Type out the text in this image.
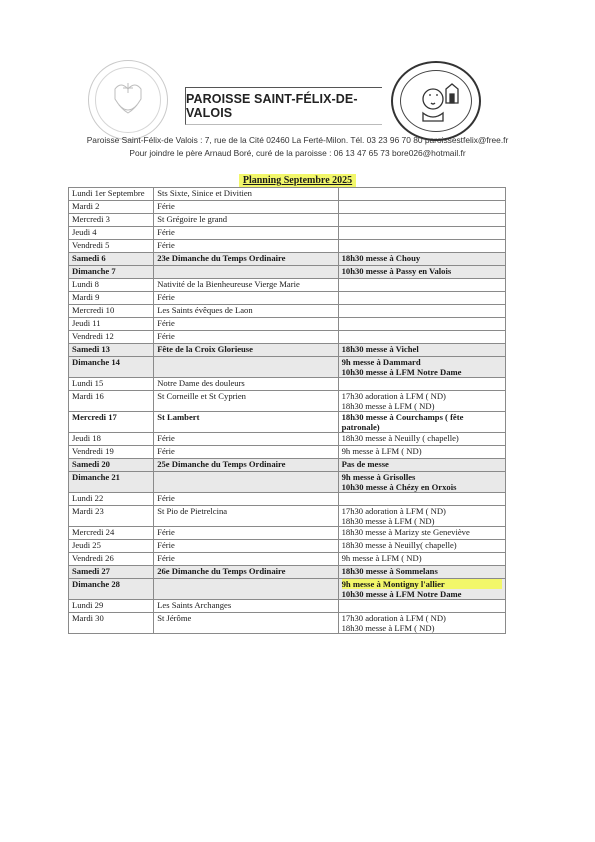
PAROISSE SAINT-FÉLIX-DE-VALOIS
Paroisse Saint-Félix-de Valois : 7, rue de la Cité 02460 La Ferté-Milon. Tél. 03 23 96 70 80 paroissestfelix@free.fr
Pour joindre le père Arnaud Boré, curé de la paroisse : 06 13 47 65 73 bore026@hotmail.fr
Planning Septembre 2025
Lundi 1er Septembre	Sts Sixte, Sinice et Divitien	

Mardi 2	Férie	

Mercredi 3	St Grégoire le grand	

Jeudi 4	Férie	

Vendredi 5	Férie	

Samedi 6	23e Dimanche du Temps Ordinaire	18h30 messe à Chouy

Dimanche 7		10h30 messe à Passy en Valois

Lundi 8	Nativité de la Bienheureuse Vierge Marie	

Mardi 9	Férie	

Mercredi 10	Les Saints évêques de Laon	

Jeudi 11	Férie	

Vendredi 12	Férie	

Samedi 13	Fête de la Croix Glorieuse	18h30 messe à Vichel

Dimanche 14		9h messe à Dammard
10h30 messe à LFM Notre Dame

Lundi 15	Notre Dame des douleurs	

Mardi 16	St Corneille et St Cyprien	17h30 adoration à LFM ( ND)
18h30 messe à LFM ( ND)

Mercredi 17	St Lambert	18h30 messe à Courchamps ( fête patronale)

Jeudi 18	Férie	18h30 messe à Neuilly ( chapelle)

Vendredi 19	Férie	9h messe à LFM ( ND)

Samedi 20	25e Dimanche du Temps Ordinaire	Pas de messe

Dimanche 21		9h messe à Grisolles
10h30 messe à Chézy en Orxois

Lundi 22	Férie	

Mardi 23	St Pio de Pietrelcina	17h30 adoration à LFM ( ND)
18h30 messe à LFM ( ND)

Mercredi 24	Férie	18h30 messe à Marizy ste Geneviève

Jeudi 25	Férie	18h30 messe à Neuilly( chapelle)

Vendredi 26	Férie	9h messe à LFM ( ND)

Samedi 27	26e Dimanche du Temps Ordinaire	18h30 messe à Sommelans

Dimanche 28		9h messe à Montigny l'allier
10h30 messe à LFM Notre Dame

Lundi 29	Les Saints Archanges	

Mardi 30	St Jérôme	17h30 adoration à LFM ( ND)
18h30 messe à LFM ( ND)
